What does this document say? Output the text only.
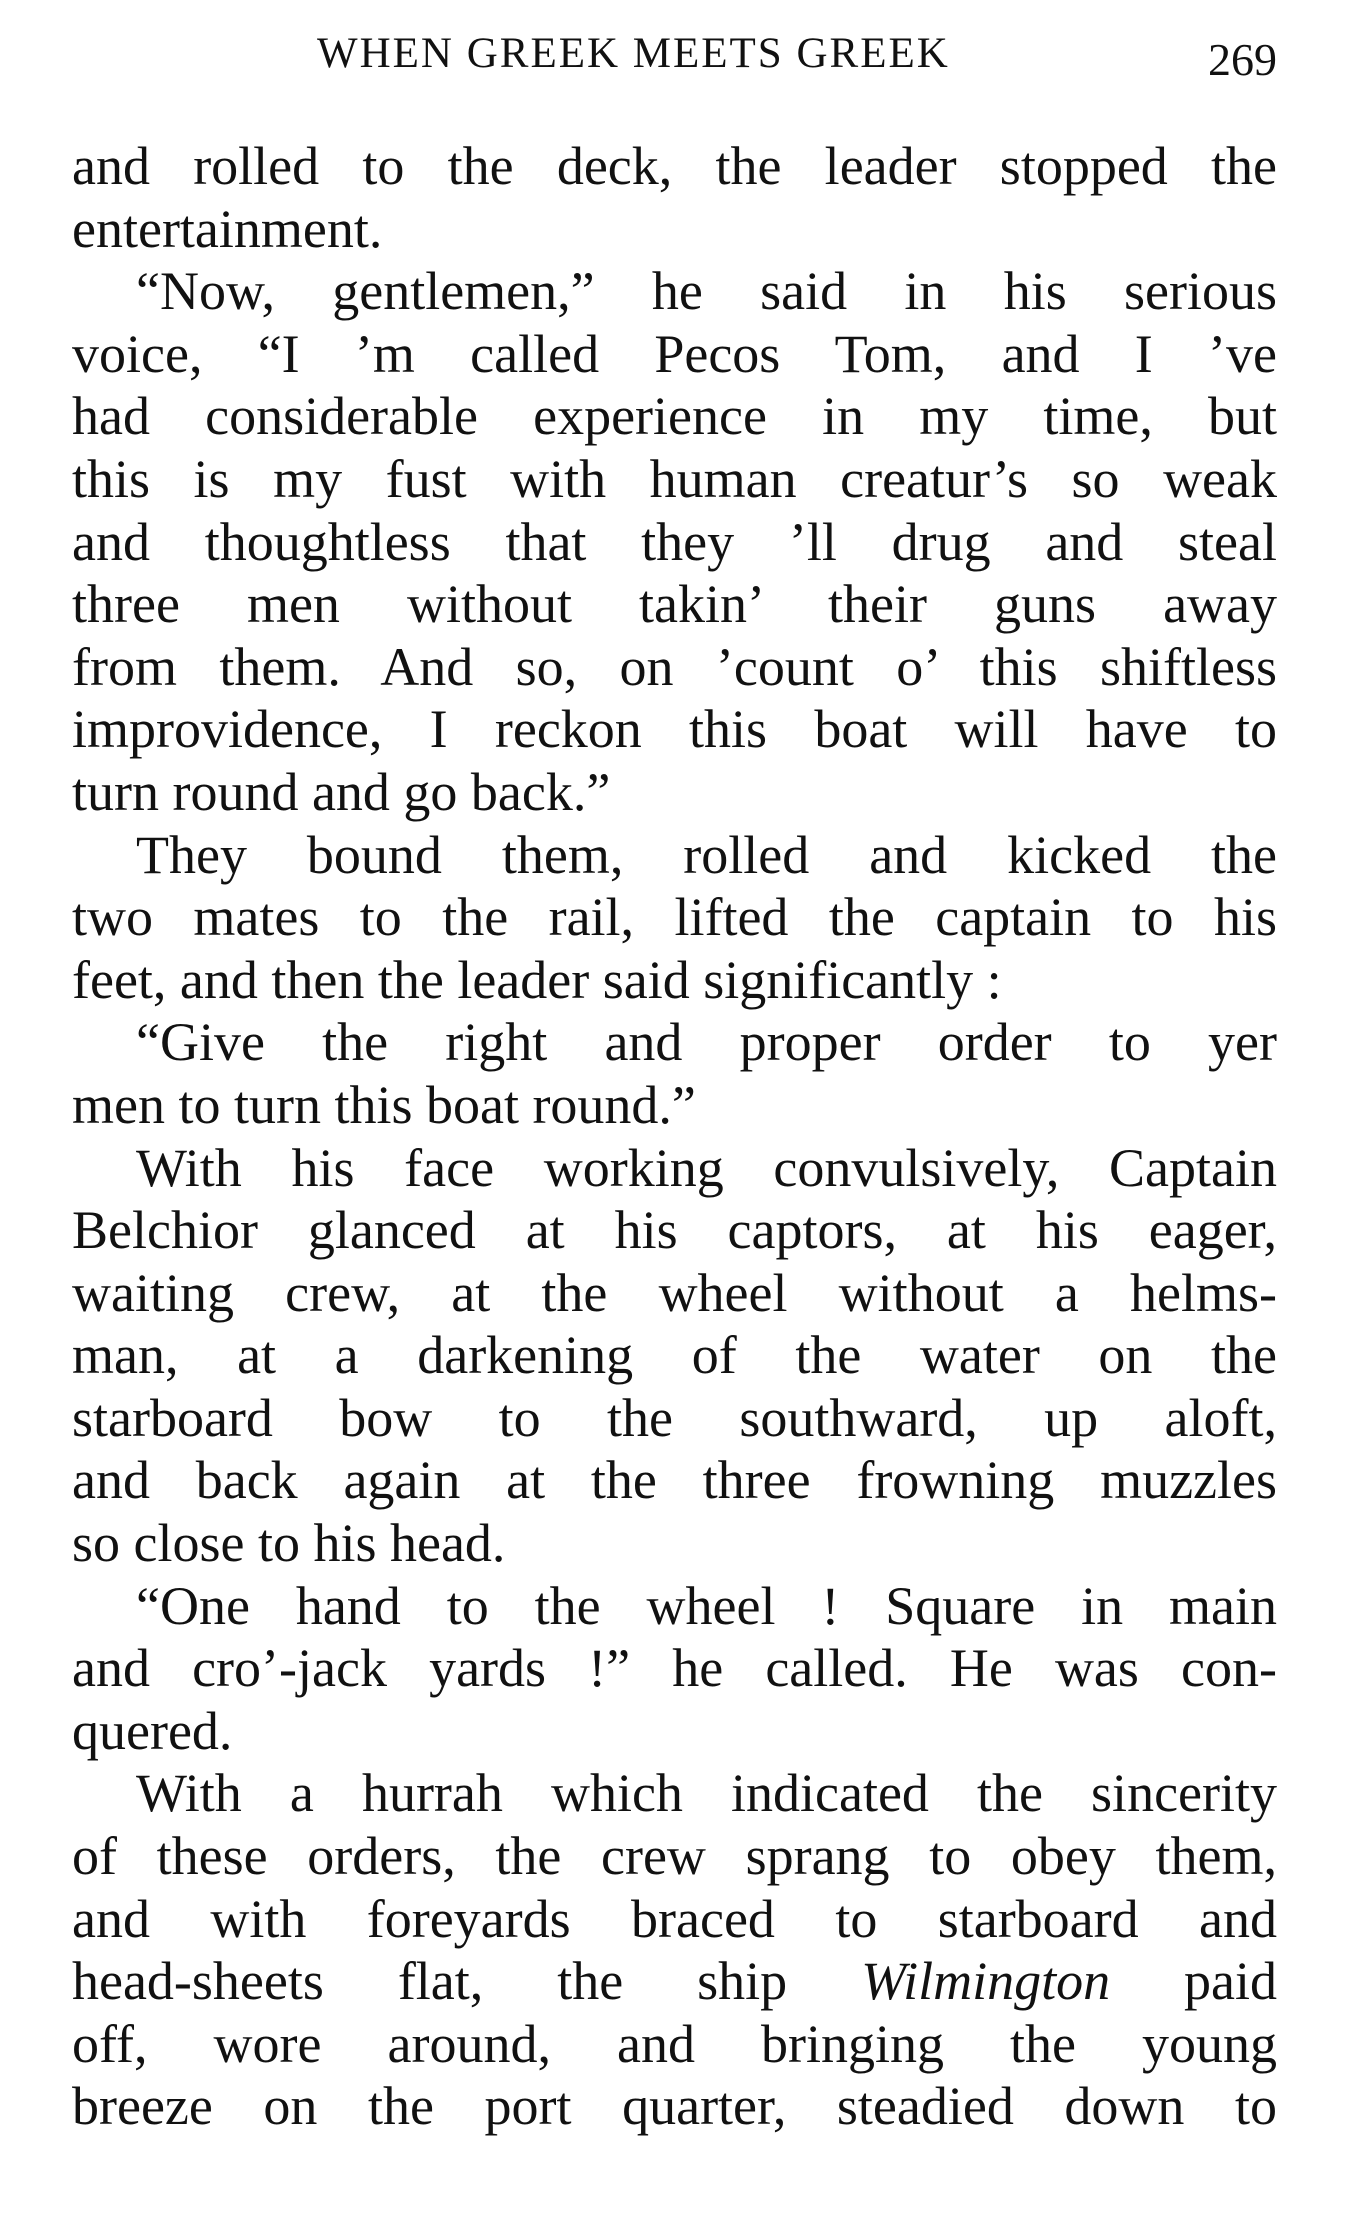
WHEN GREEK MEETS GREEK	269
and rolled to the deck, the leader stopped the
entertainment.
“Now, gentlemen,” he said in his serious
voice, “I ’m called Pecos Tom, and I ’ve
had considerable experience in my time, but
this is my fust with human creatur’s so weak
and thoughtless that they ’ll drug and steal
three men without takin’ their guns away
from them. And so, on ’count o’ this shiftless
improvidence, I reckon this boat will have to
turn round and go back.”
They bound them, rolled and kicked the
two mates to the rail, lifted the captain to his
feet, and then the leader said significantly :
“Give the right and proper order to yer
men to turn this boat round.”
With his face working convulsively, Captain
Belchior glanced at his captors, at his eager,
waiting crew, at the wheel without a helms-
man, at a darkening of the water on the
starboard bow to the southward, up aloft,
and back again at the three frowning muzzles
so close to his head.
“One hand to the wheel ! Square in main
and cro’-jack yards !” he called. He was con-
quered.
With a hurrah which indicated the sincerity
of these orders, the crew sprang to obey them,
and with foreyards braced to starboard and
head-sheets flat, the ship Wilmington paid
off, wore around, and bringing the young
breeze on the port quarter, steadied down to
